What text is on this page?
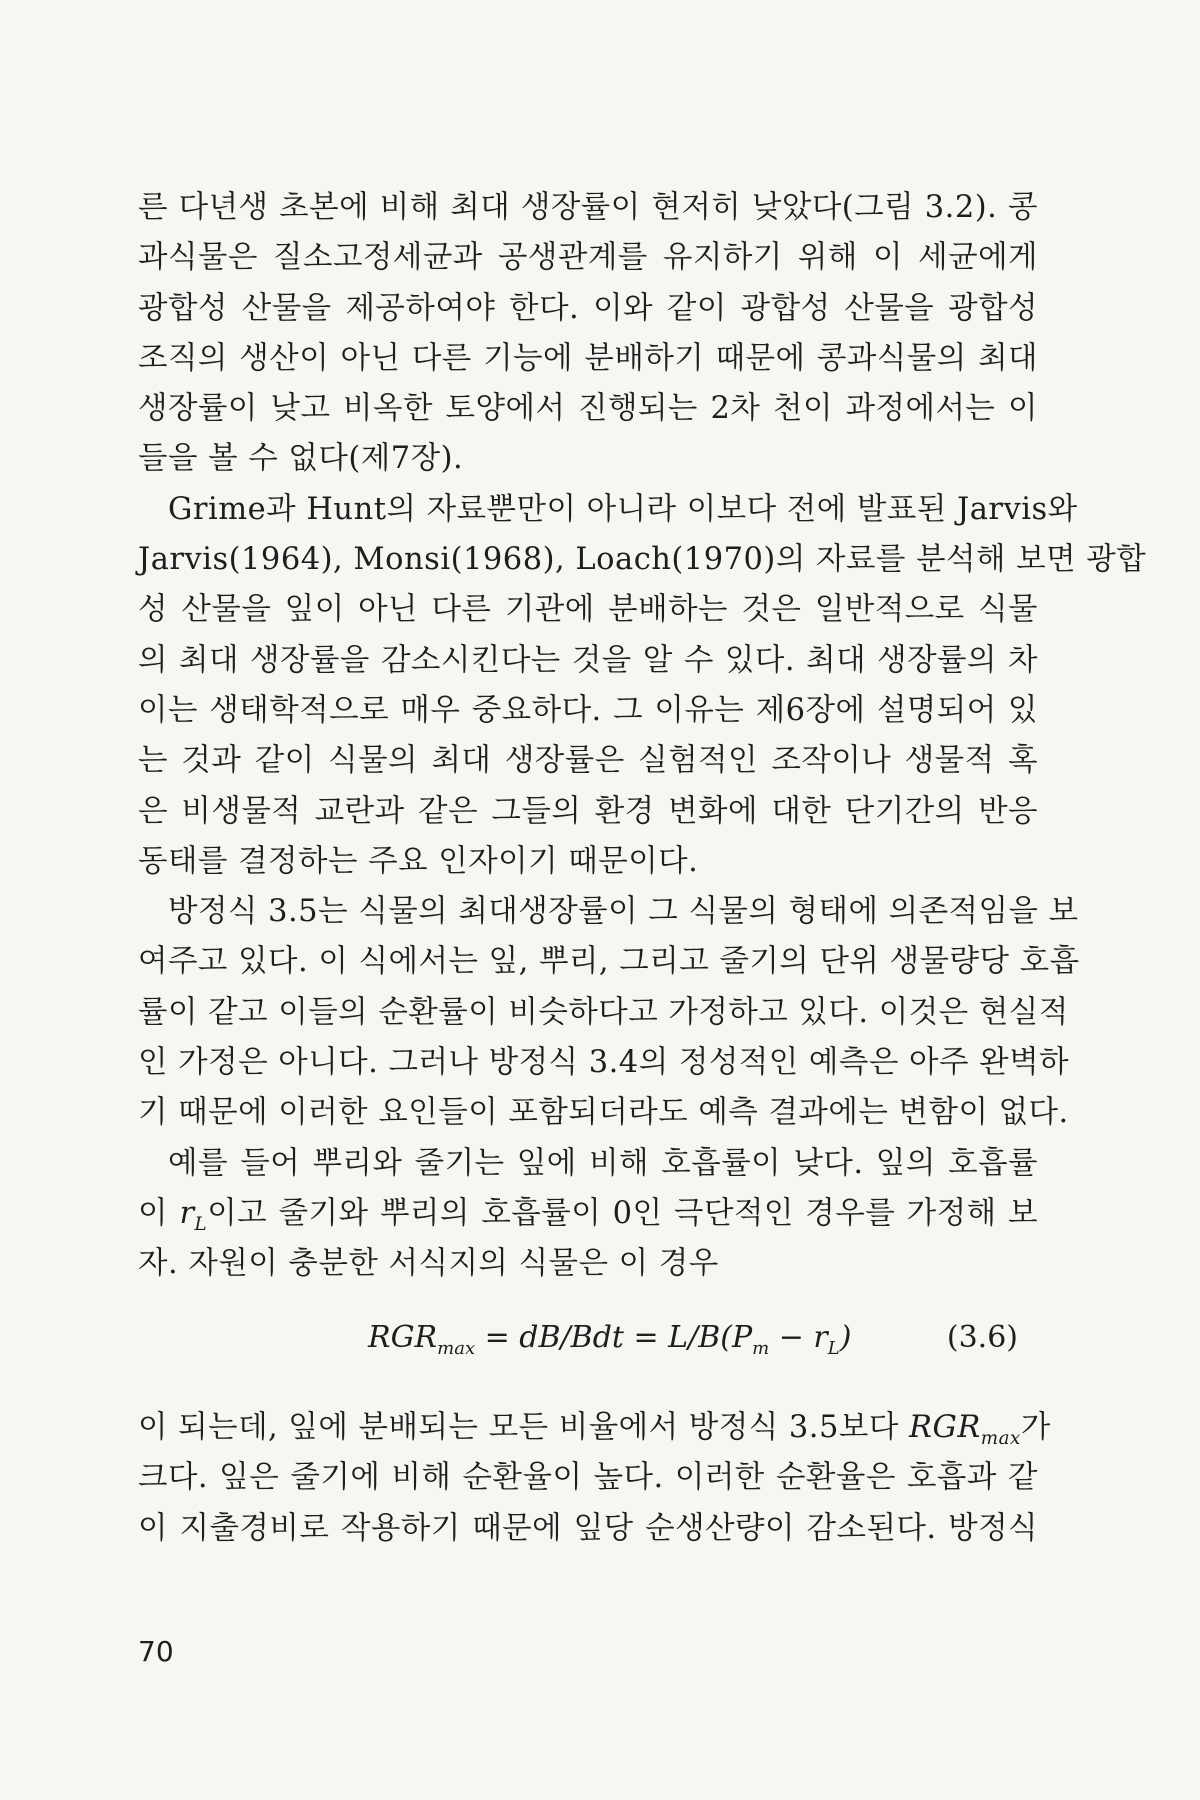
른 다년생 초본에 비해 최대 생장률이 현저히 낮았다(그림 3.2). 콩
과식물은 질소고정세균과 공생관계를 유지하기 위해 이 세균에게
광합성 산물을 제공하여야 한다. 이와 같이 광합성 산물을 광합성
조직의 생산이 아닌 다른 기능에 분배하기 때문에 콩과식물의 최대
생장률이 낮고 비옥한 토양에서 진행되는 2차 천이 과정에서는 이
들을 볼 수 없다(제7장).
Grime과 Hunt의 자료뿐만이 아니라 이보다 전에 발표된 Jarvis와
Jarvis(1964), Monsi(1968), Loach(1970)의 자료를 분석해 보면 광합
성 산물을 잎이 아닌 다른 기관에 분배하는 것은 일반적으로 식물
의 최대 생장률을 감소시킨다는 것을 알 수 있다. 최대 생장률의 차
이는 생태학적으로 매우 중요하다. 그 이유는 제6장에 설명되어 있
는 것과 같이 식물의 최대 생장률은 실험적인 조작이나 생물적 혹
은 비생물적 교란과 같은 그들의 환경 변화에 대한 단기간의 반응
동태를 결정하는 주요 인자이기 때문이다.
방정식 3.5는 식물의 최대생장률이 그 식물의 형태에 의존적임을 보
여주고 있다. 이 식에서는 잎, 뿌리, 그리고 줄기의 단위 생물량당 호흡
률이 같고 이들의 순환률이 비슷하다고 가정하고 있다. 이것은 현실적
인 가정은 아니다. 그러나 방정식 3.4의 정성적인 예측은 아주 완벽하
기 때문에 이러한 요인들이 포함되더라도 예측 결과에는 변함이 없다.
예를 들어 뿌리와 줄기는 잎에 비해 호흡률이 낮다. 잎의 호흡률
이 $r_L$이고 줄기와 뿌리의 호흡률이 0인 극단적인 경우를 가정해 보
자. 자원이 충분한 서식지의 식물은 이 경우
$RGR_{max} = dB/Bdt = L/B(P_m - r_L)$	(3.6)
이 되는데, 잎에 분배되는 모든 비율에서 방정식 3.5보다 $RGR_{max}$가
크다. 잎은 줄기에 비해 순환율이 높다. 이러한 순환율은 호흡과 같
이 지출경비로 작용하기 때문에 잎당 순생산량이 감소된다. 방정식
70
